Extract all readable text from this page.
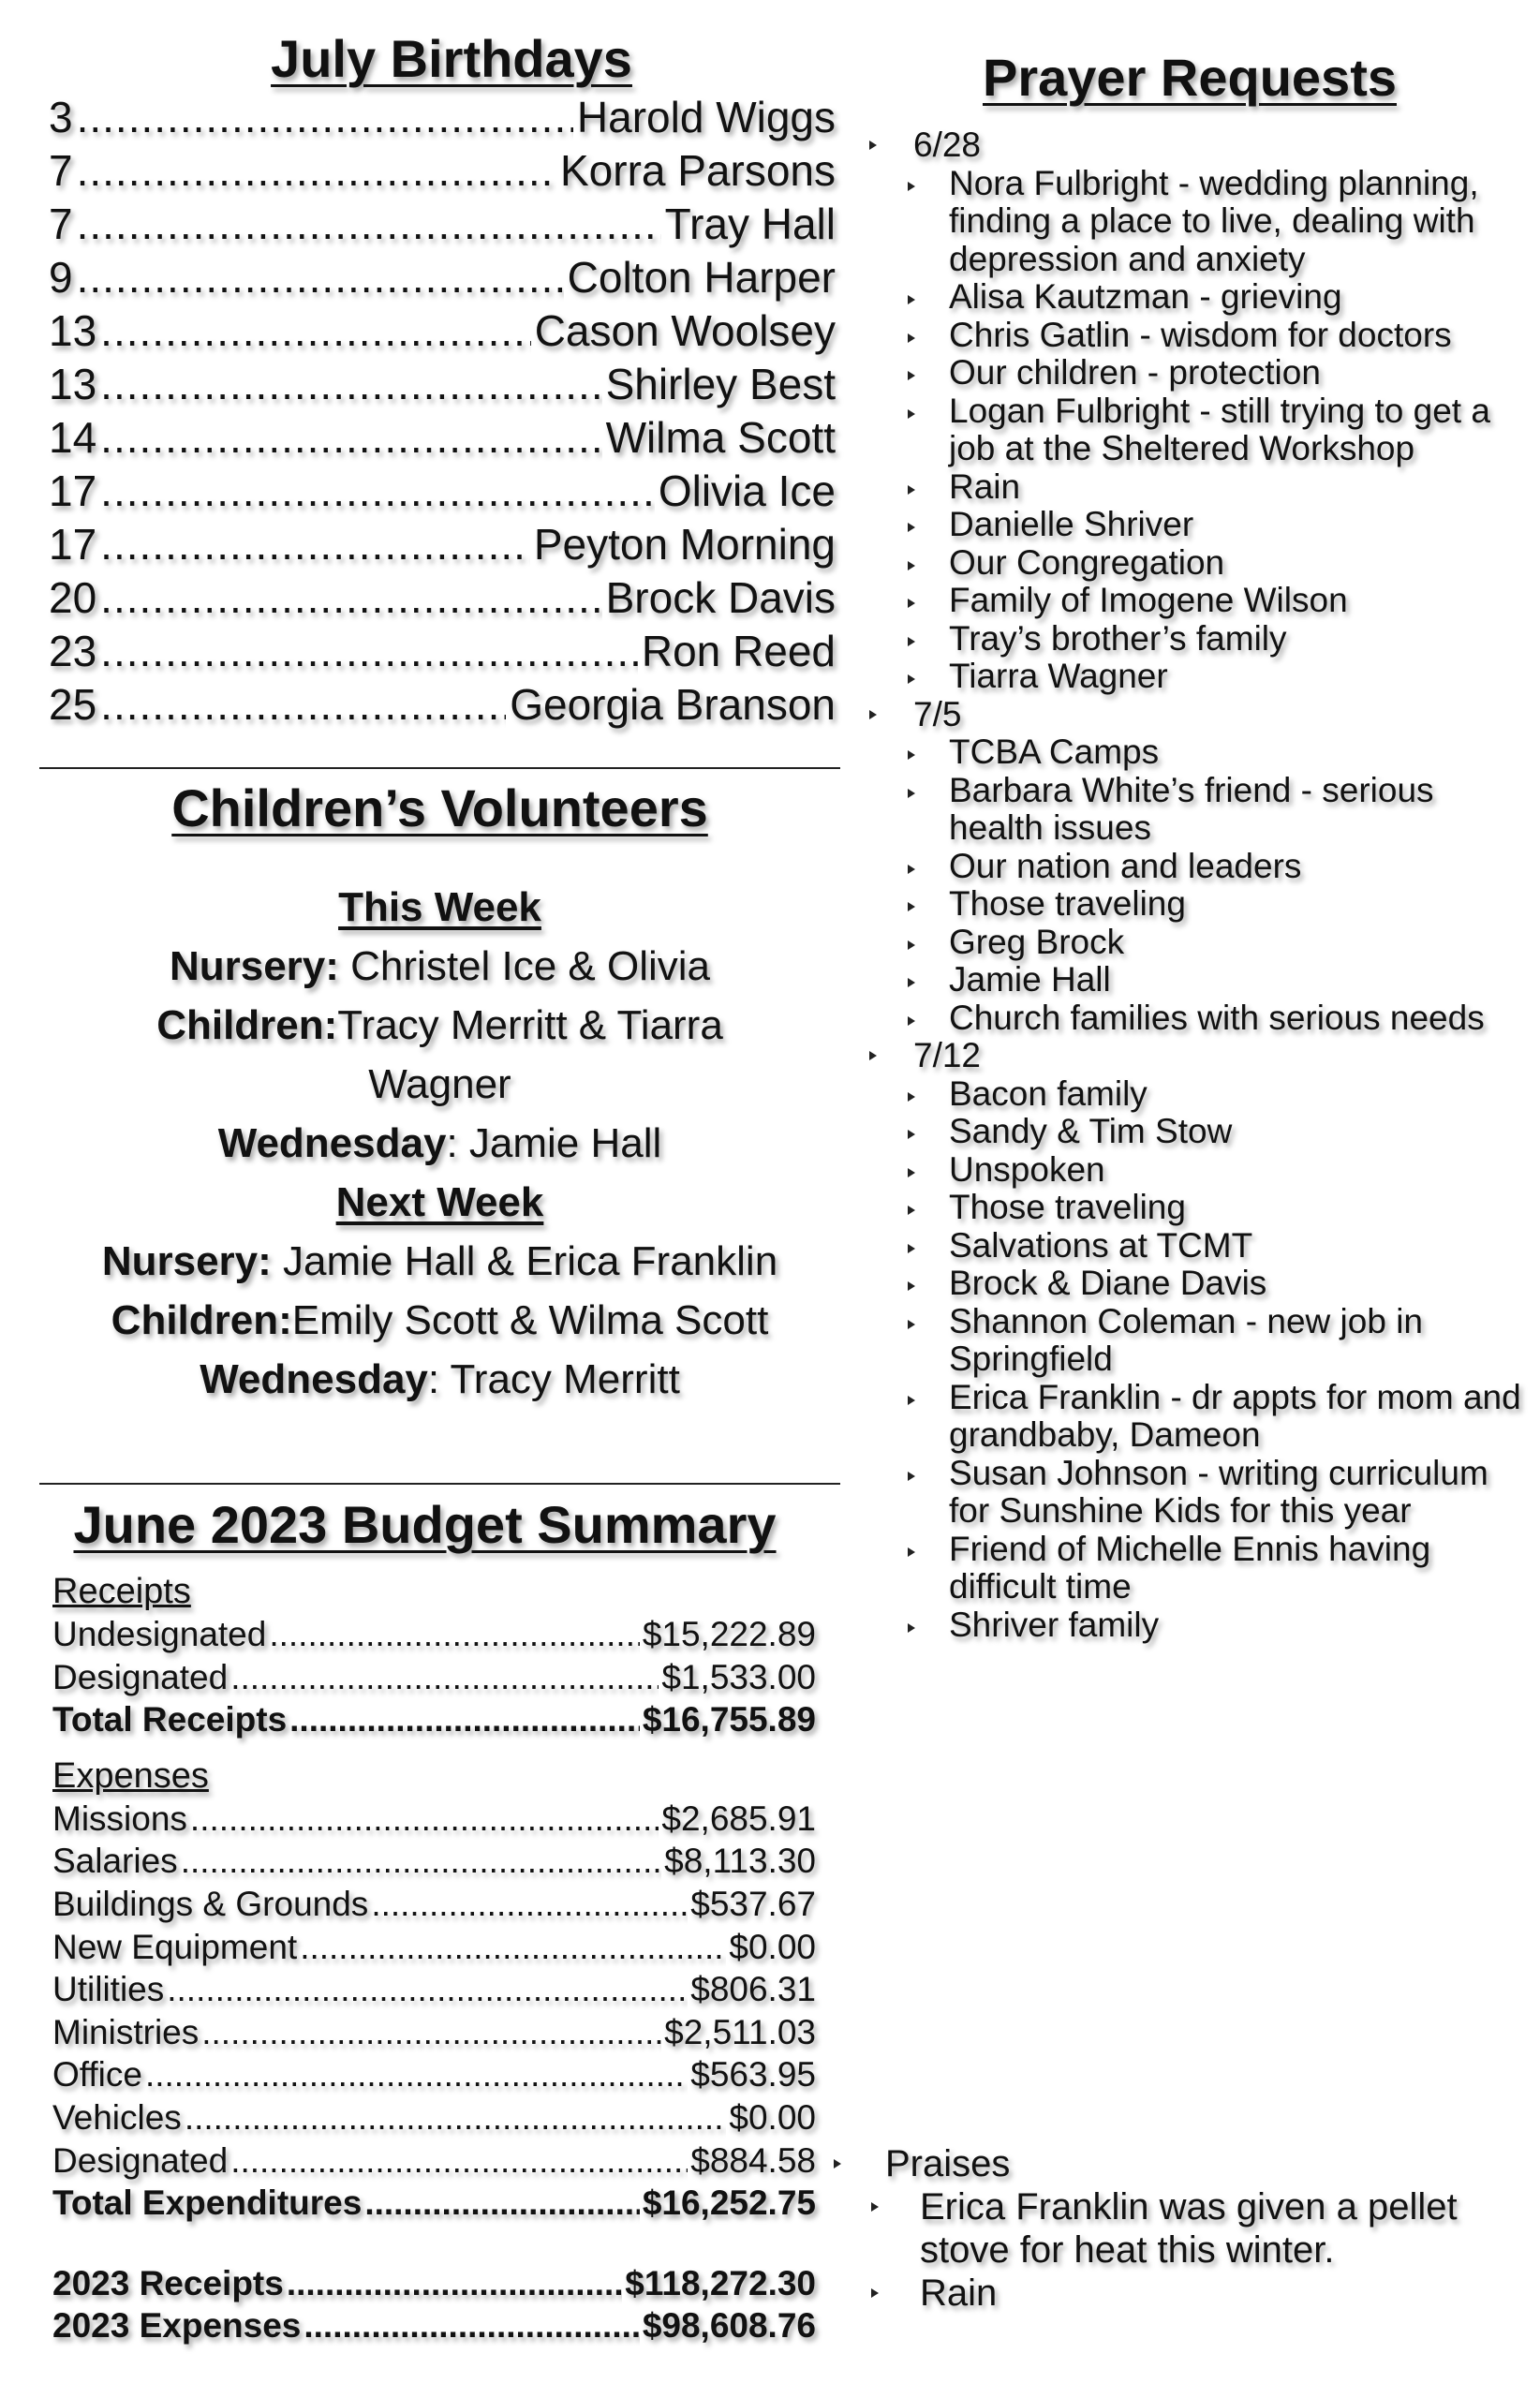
July Birthdays
3 .....	Harold Wiggs
7 .....	Korra Parsons
7 .....	Tray Hall
9 .....	Colton Harper
13 .....	Cason Woolsey
13 .....	Shirley Best
14 .....	Wilma Scott
17 .....	Olivia Ice
17 .....	Peyton Morning
20 .....	Brock Davis
23 .....	Ron Reed
25 .....	Georgia Branson
Children’s Volunteers
This Week
Nursery: Christel Ice & Olivia
Children:Tracy Merritt & Tiarra
Wagner
Wednesday: Jamie Hall
Next Week
Nursery: Jamie Hall & Erica Franklin
Children:Emily Scott & Wilma Scott
Wednesday: Tracy Merritt
June 2023 Budget Summary
Receipts
Undesignated .....	$15,222.89
Designated .....	$1,533.00
Total Receipts .....	$16,755.89
Expenses
Missions .....	$2,685.91
Salaries .....	$8,113.30
Buildings & Grounds .....	$537.67
New Equipment .....	$0.00
Utilities .....	$806.31
Ministries .....	$2,511.03
Office .....	$563.95
Vehicles .....	$0.00
Designated .....	$884.58
Total Expenditures .....	$16,252.75
2023 Receipts .....	$118,272.30
2023 Expenses .....	$98,608.76
Prayer Requests
6/28
Nora Fulbright - wedding planning, finding a place to live, dealing with depression and anxiety
Alisa Kautzman - grieving
Chris Gatlin - wisdom for doctors
Our children - protection
Logan Fulbright - still trying to get a job at the Sheltered Workshop
Rain
Danielle Shriver
Our Congregation
Family of Imogene Wilson
Tray’s brother’s family
Tiarra Wagner
7/5
TCBA Camps
Barbara White’s friend - serious health issues
Our nation and leaders
Those traveling
Greg Brock
Jamie Hall
Church families with serious needs
7/12
Bacon family
Sandy & Tim Stow
Unspoken
Those traveling
Salvations at TCMT
Brock & Diane Davis
Shannon Coleman - new job in Springfield
Erica Franklin - dr appts for mom and grandbaby, Dameon
Susan Johnson - writing curriculum for Sunshine Kids for this year
Friend of Michelle Ennis having difficult time
Shriver family
Praises
Erica Franklin was given a pellet stove for heat this winter.
Rain
